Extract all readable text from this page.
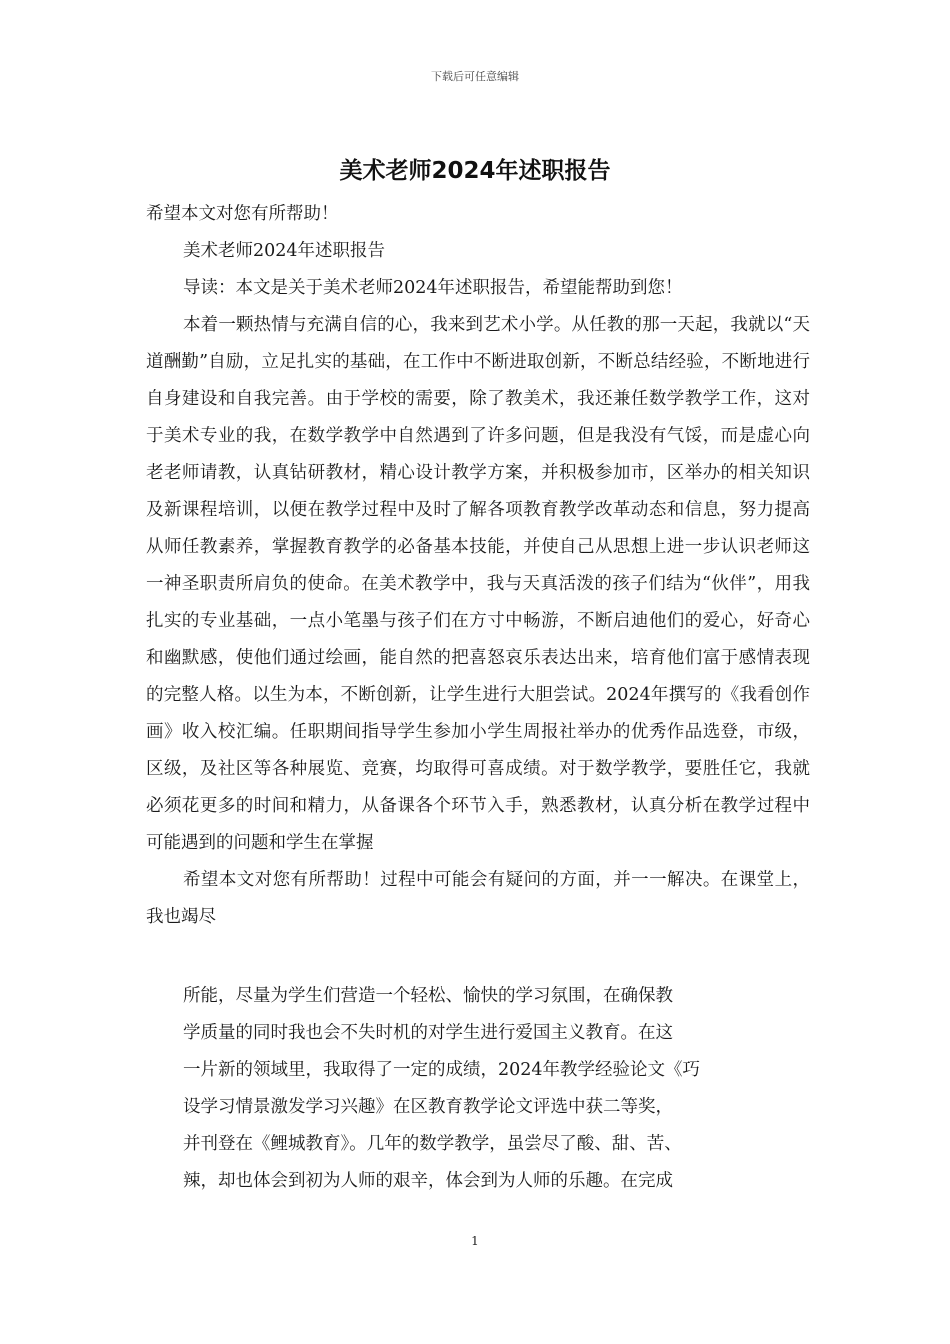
下载后可任意编辑
美术老师2024年述职报告

希望本文对您有所帮助！

美术老师2024年述职报告

导读：本文是关于美术老师2024年述职报告，希望能帮助到您！

本着一颗热情与充满自信的心，我来到艺术小学。从任教的那一天起，我就以“天道酬勤”自励，立足扎实的基础，在工作中不断进取创新，不断总结经验，不断地进行自身建设和自我完善。由于学校的需要，除了教美术，我还兼任数学教学工作，这对于美术专业的我，在数学教学中自然遇到了许多问题，但是我没有气馁，而是虚心向老老师请教，认真钻研教材，精心设计教学方案，并积极参加市，区举办的相关知识及新课程培训，以便在教学过程中及时了解各项教育教学改革动态和信息，努力提高从师任教素养，掌握教育教学的必备基本技能，并使自己从思想上进一步认识老师这一神圣职责所肩负的使命。在美术教学中，我与天真活泼的孩子们结为“伙伴”，用我扎实的专业基础，一点小笔墨与孩子们在方寸中畅游，不断启迪他们的爱心，好奇心和幽默感，使他们通过绘画，能自然的把喜怒哀乐表达出来，培育他们富于感情表现的完整人格。以生为本，不断创新，让学生进行大胆尝试。2024年撰写的《我看创作画》收入校汇编。任职期间指导学生参加小学生周报社举办的优秀作品选登，市级，区级，及社区等各种展览、竞赛，均取得可喜成绩。对于数学教学，要胜任它，我就必须花更多的时间和精力，从备课各个环节入手，熟悉教材，认真分析在教学过程中可能遇到的问题和学生在掌握

希望本文对您有所帮助！过程中可能会有疑问的方面，并一一解决。在课堂上，我也竭尽

所能，尽量为学生们营造一个轻松、愉快的学习氛围，在确保教
学质量的同时我也会不失时机的对学生进行爱国主义教育。在这
一片新的领域里，我取得了一定的成绩，2024年教学经验论文《巧
设学习情景激发学习兴趣》在区教育教学论文评选中获二等奖，
并刊登在《鲤城教育》。几年的数学教学，虽尝尽了酸、甜、苦、
辣，却也体会到初为人师的艰辛，体会到为人师的乐趣。在完成
1
